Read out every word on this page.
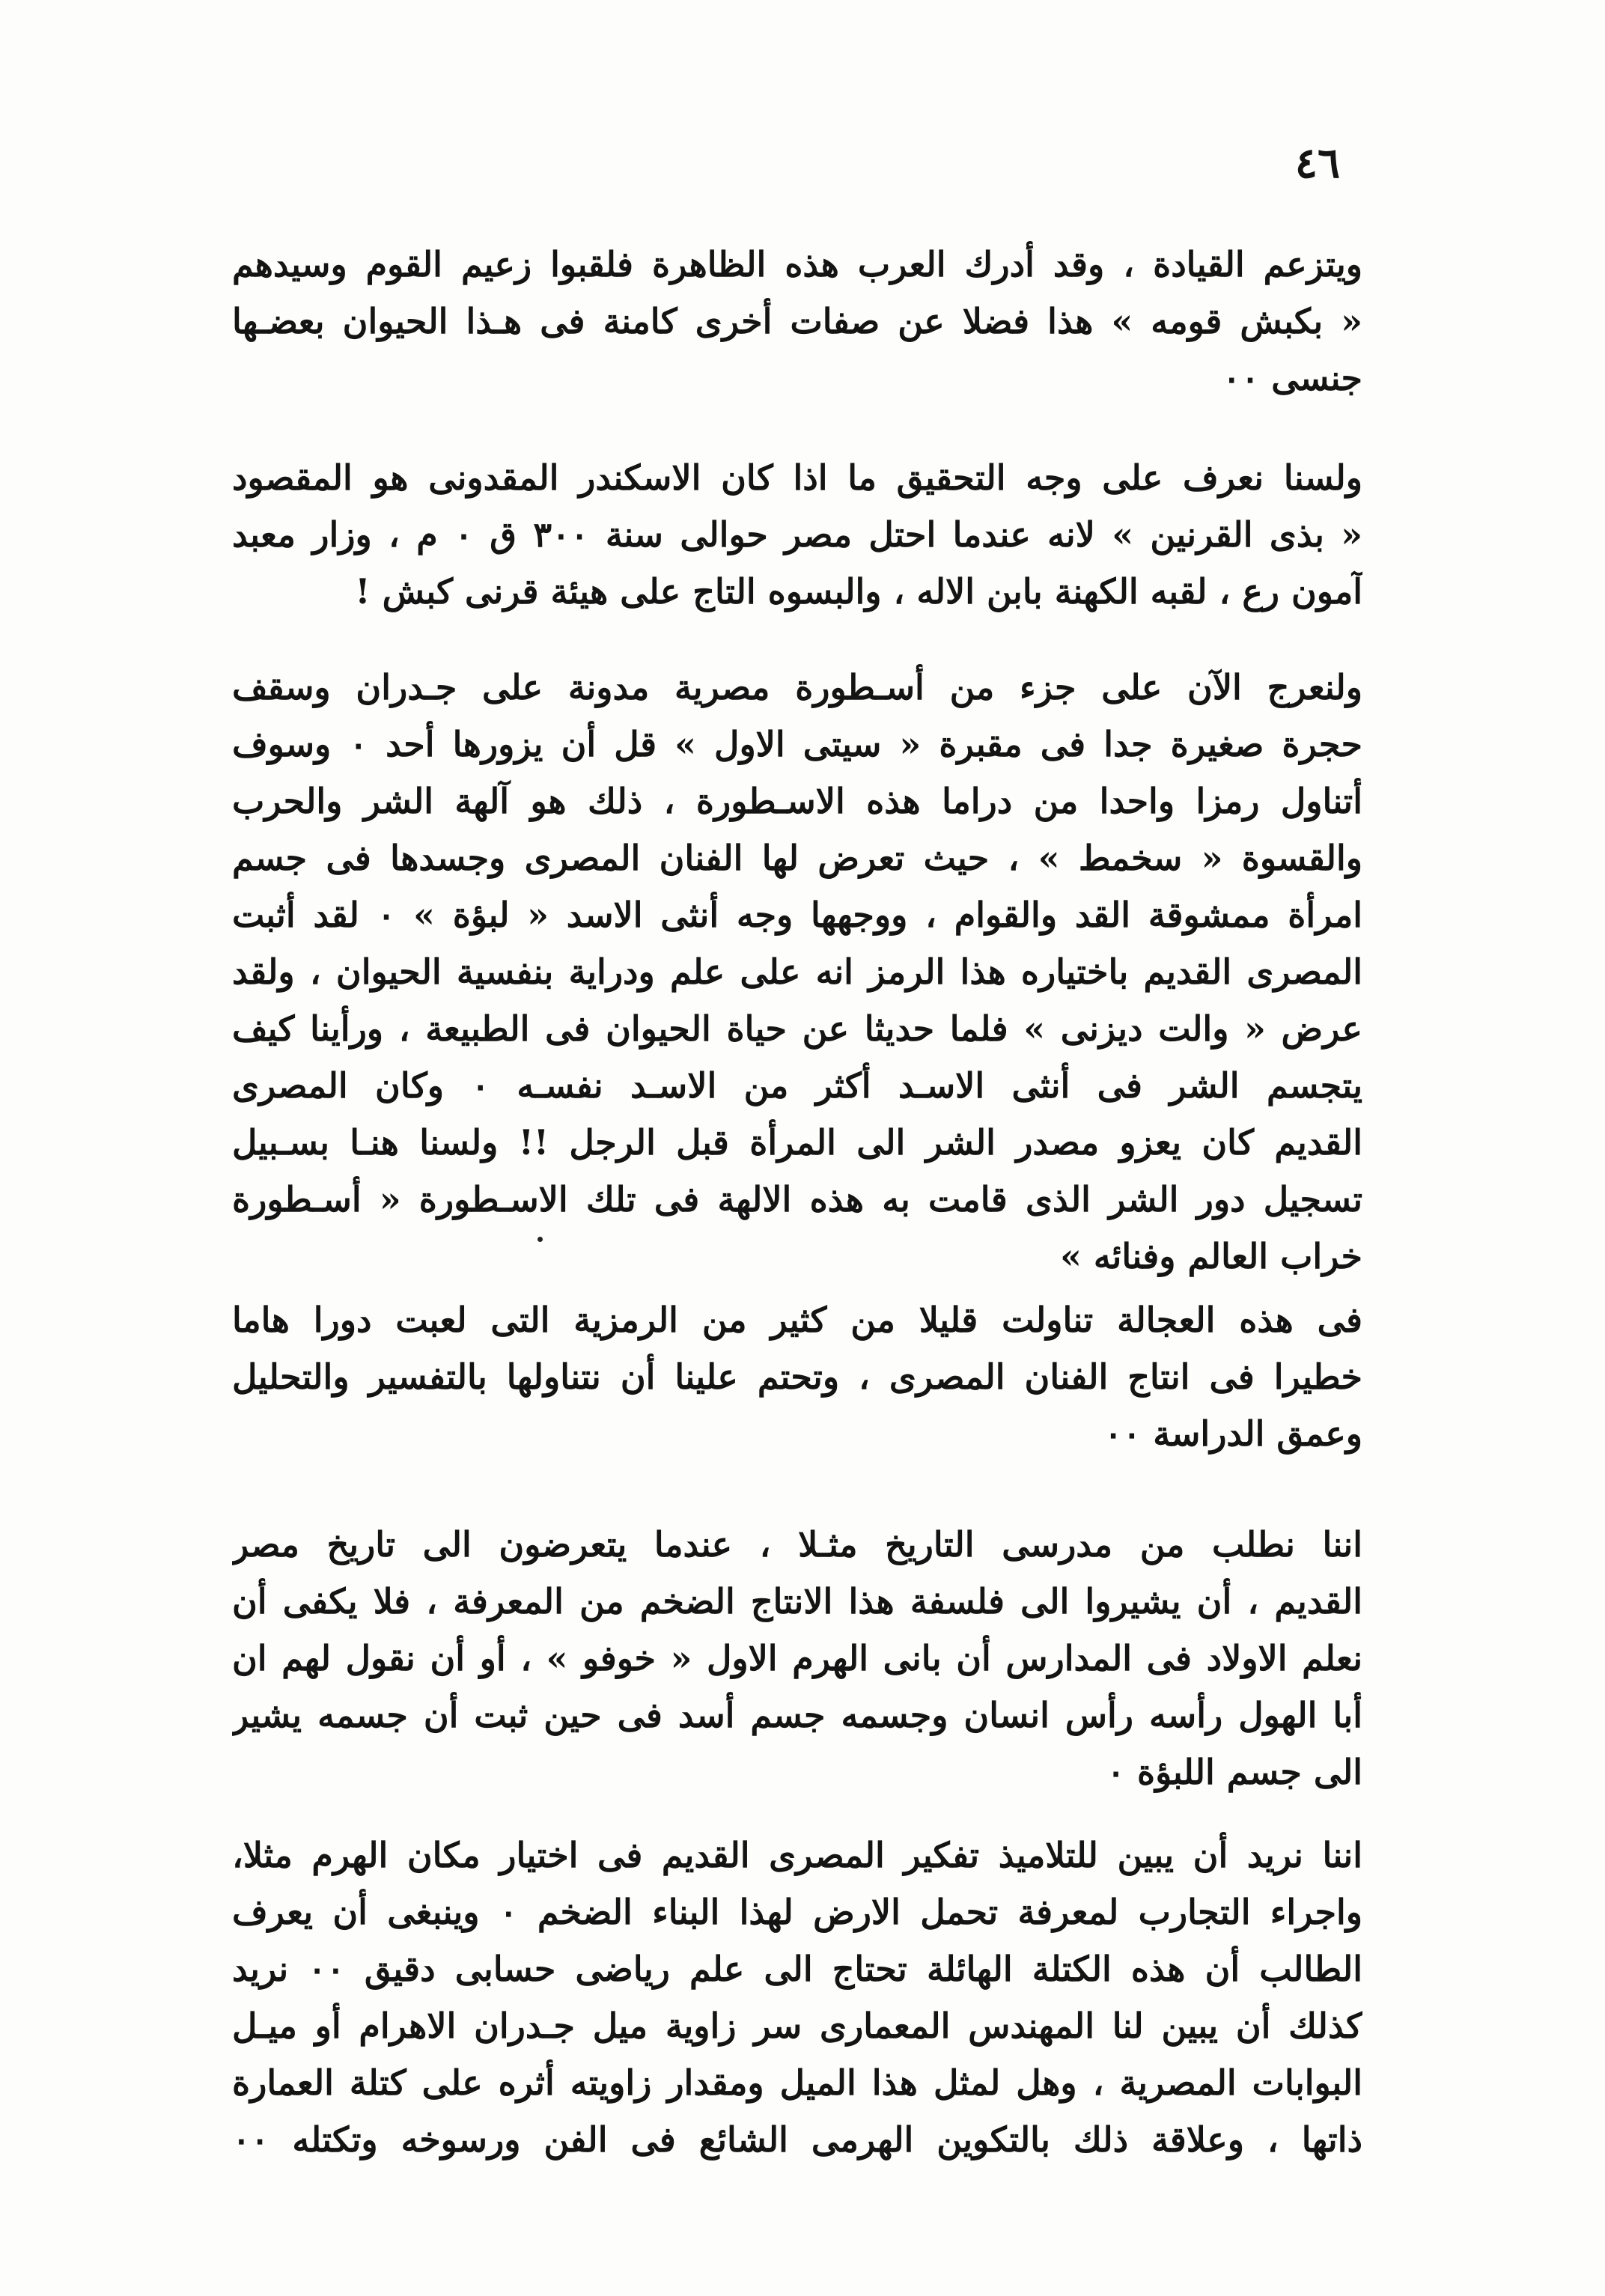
٤٦
ويتزعم القيادة ، وقد أدرك العرب هذه الظاهرة فلقبوا زعيم القوم وسيدهم
« بكبش قومه » هذا فضلا عن صفات أخرى كامنة فى هـذا الحيوان بعضـها
جنسى ٠٠
ولسنا نعرف على وجه التحقيق ما اذا كان الاسكندر المقدونى هو المقصود
« بذى القرنين » لانه عندما احتل مصر حوالى سنة ٣٠٠ ق ٠ م ، وزار معبد
آمون رع ، لقبه الكهنة بابن الاله ، والبسوه التاج على هيئة قرنى كبش !
ولنعرج الآن على جزء من أسـطورة مصرية مدونة على جـدران وسقف
حجرة صغيرة جدا فى مقبرة « سيتى الاول » قل أن يزورها أحد ٠ وسوف
أتناول رمزا واحدا من دراما هذه الاسـطورة ، ذلك هو آلهة الشر والحرب
والقسوة « سخمط » ، حيث تعرض لها الفنان المصرى وجسدها فى جسم
امرأة ممشوقة القد والقوام ، ووجهها وجه أنثى الاسد « لبؤة » ٠ لقد أثبت
المصرى القديم باختياره هذا الرمز انه على علم ودراية بنفسية الحيوان ، ولقد
عرض « والت ديزنى » فلما حديثا عن حياة الحيوان فى الطبيعة ، ورأينا كيف
يتجسم الشر فى أنثى الاسـد أكثر من الاسـد نفسـه ٠ وكان المصرى
القديم كان يعزو مصدر الشر الى المرأة قبل الرجل !! ولسنا هنـا بسـبيل
تسجيل دور الشر الذى قامت به هذه الالهة فى تلك الاسـطورة « أسـطورة
خراب العالم وفنائه »
فى هذه العجالة تناولت قليلا من كثير من الرمزية التى لعبت دورا هاما
خطيرا فى انتاج الفنان المصرى ، وتحتم علينا أن نتناولها بالتفسير والتحليل
وعمق الدراسة ٠٠
اننا نطلب من مدرسى التاريخ مثـلا ، عندما يتعرضون الى تاريخ مصر
القديم ، أن يشيروا الى فلسفة هذا الانتاج الضخم من المعرفة ، فلا يكفى أن
نعلم الاولاد فى المدارس أن بانى الهرم الاول « خوفو » ، أو أن نقول لهم ان
أبا الهول رأسه رأس انسان وجسمه جسم أسد فى حين ثبت أن جسمه يشير
الى جسم اللبؤة ٠
اننا نريد أن يبين للتلاميذ تفكير المصرى القديم فى اختيار مكان الهرم مثلا،
واجراء التجارب لمعرفة تحمل الارض لهذا البناء الضخم ٠ وينبغى أن يعرف
الطالب أن هذه الكتلة الهائلة تحتاج الى علم رياضى حسابى دقيق ٠٠ نريد
كذلك أن يبين لنا المهندس المعمارى سر زاوية ميل جـدران الاهرام أو ميـل
البوابات المصرية ، وهل لمثل هذا الميل ومقدار زاويته أثره على كتلة العمارة
ذاتها ، وعلاقة ذلك بالتكوين الهرمى الشائع فى الفن ورسوخه وتكتله ٠٠
